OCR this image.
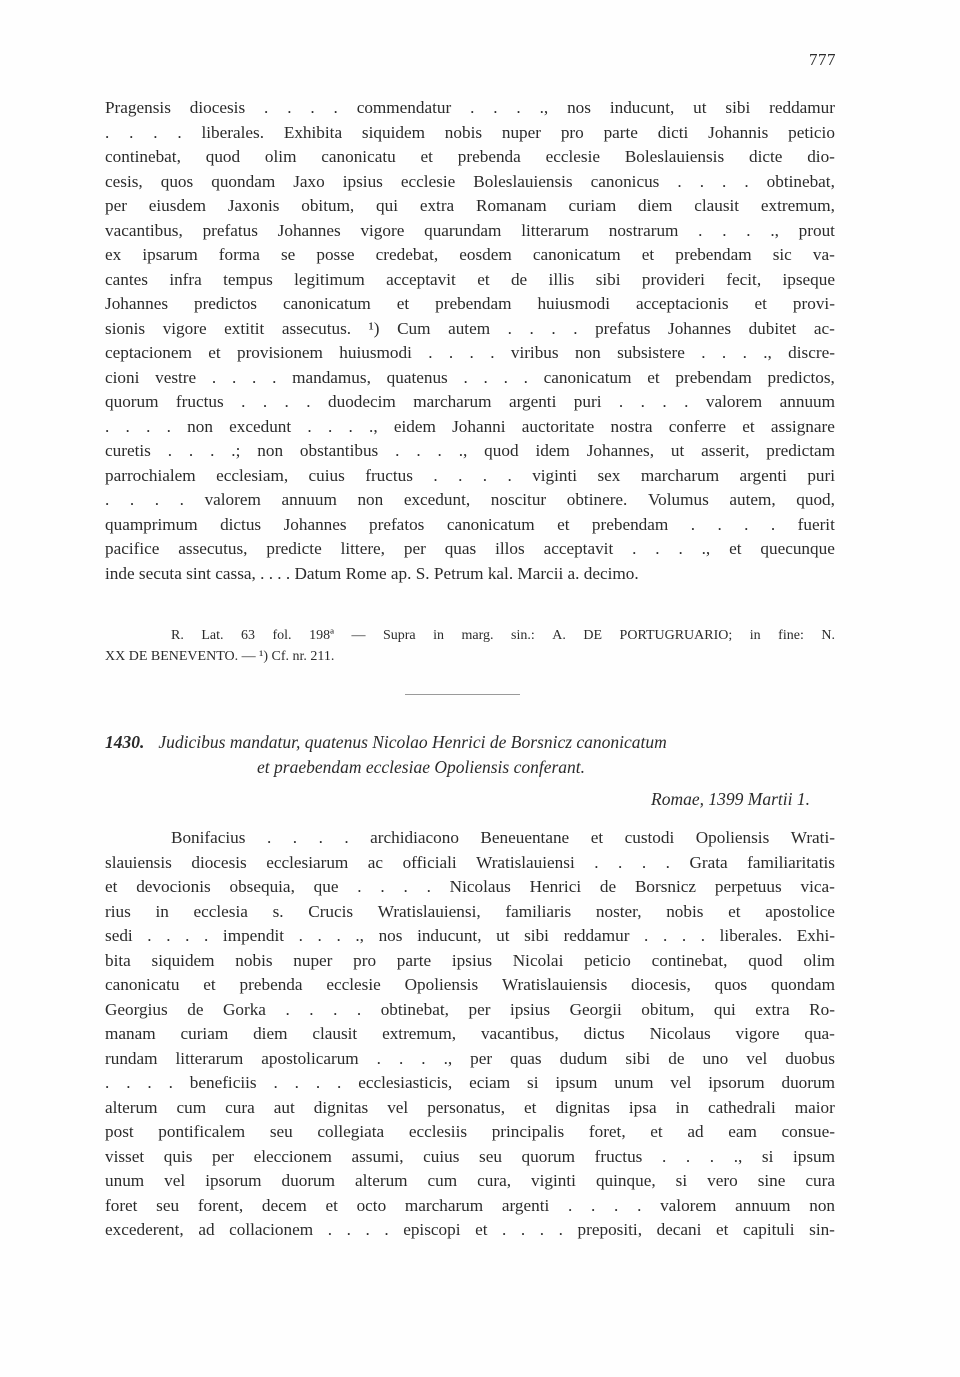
777
Pragensis diocesis . . . . commendatur . . . ., nos inducunt, ut sibi reddamur
. . . . liberales. Exhibita siquidem nobis nuper pro parte dicti Johannis peticio
continebat, quod olim canonicatu et prebenda ecclesie Boleslauiensis dicte dio-
cesis, quos quondam Jaxo ipsius ecclesie Boleslauiensis canonicus . . . . obtinebat,
per eiusdem Jaxonis obitum, qui extra Romanam curiam diem clausit extremum,
vacantibus, prefatus Johannes vigore quarundam litterarum nostrarum . . . ., prout
ex ipsarum forma se posse credebat, eosdem canonicatum et prebendam sic va-
cantes infra tempus legitimum acceptavit et de illis sibi provideri fecit, ipseque
Johannes predictos canonicatum et prebendam huiusmodi acceptacionis et provi-
sionis vigore extitit assecutus. ¹) Cum autem . . . . prefatus Johannes dubitet ac-
ceptacionem et provisionem huiusmodi . . . . viribus non subsistere . . . ., discre-
cioni vestre . . . . mandamus, quatenus . . . . canonicatum et prebendam predictos,
quorum fructus . . . . duodecim marcharum argenti puri . . . . valorem annuum
. . . . non excedunt . . . ., eidem Johanni auctoritate nostra conferre et assignare
curetis . . . .; non obstantibus . . . ., quod idem Johannes, ut asserit, predictam
parrochialem ecclesiam, cuius fructus . . . . viginti sex marcharum argenti puri
. . . . valorem annuum non excedunt, noscitur obtinere. Volumus autem, quod,
quamprimum dictus Johannes prefatos canonicatum et prebendam . . . . fuerit
pacifice assecutus, predicte littere, per quas illos acceptavit . . . ., et quecunque
inde secuta sint cassa, . . . . Datum Rome ap. S. Petrum kal. Marcii a. decimo.
R. Lat. 63 fol. 198ª — Supra in marg. sin.: A. DE PORTUGRUARIO; in fine: N.
XX DE BENEVENTO. — ¹) Cf. nr. 211.
1430. Judicibus mandatur, quatenus Nicolao Henrici de Borsnicz canonicatum
et praebendam ecclesiae Opoliensis conferant.
Romae, 1399 Martii 1.
Bonifacius . . . . archidiacono Beneuentane et custodi Opoliensis Wrati-
slauiensis diocesis ecclesiarum ac officiali Wratislauiensi . . . . Grata familiaritatis
et devocionis obsequia, que . . . . Nicolaus Henrici de Borsnicz perpetuus vica-
rius in ecclesia s. Crucis Wratislauiensi, familiaris noster, nobis et apostolice
sedi . . . . impendit . . . ., nos inducunt, ut sibi reddamur . . . . liberales. Exhi-
bita siquidem nobis nuper pro parte ipsius Nicolai peticio continebat, quod olim
canonicatu et prebenda ecclesie Opoliensis Wratislauiensis diocesis, quos quondam
Georgius de Gorka . . . . obtinebat, per ipsius Georgii obitum, qui extra Ro-
manam curiam diem clausit extremum, vacantibus, dictus Nicolaus vigore qua-
rundam litterarum apostolicarum . . . ., per quas dudum sibi de uno vel duobus
. . . . beneficiis . . . . ecclesiasticis, eciam si ipsum unum vel ipsorum duorum
alterum cum cura aut dignitas vel personatus, et dignitas ipsa in cathedrali maior
post pontificalem seu collegiata ecclesiis principalis foret, et ad eam consue-
visset quis per eleccionem assumi, cuius seu quorum fructus . . . ., si ipsum
unum vel ipsorum duorum alterum cum cura, viginti quinque, si vero sine cura
foret seu forent, decem et octo marcharum argenti . . . . valorem annuum non
excederent, ad collacionem . . . . episcopi et . . . . prepositi, decani et capituli sin-
